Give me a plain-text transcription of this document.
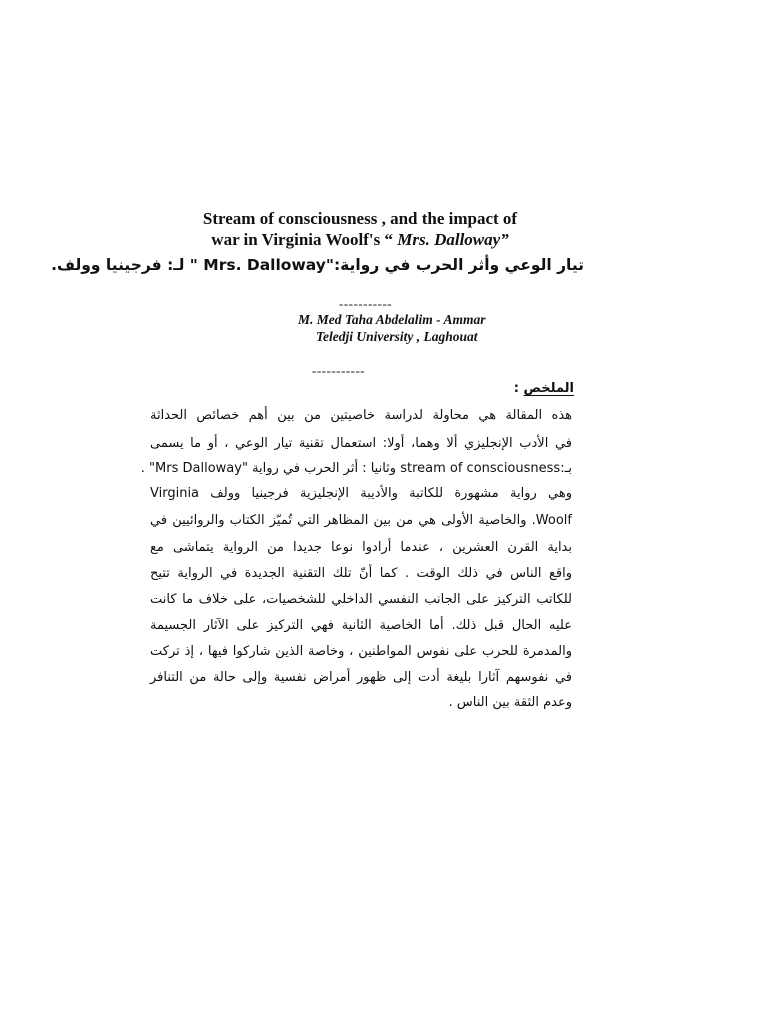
Stream of consciousness , and the impact of
war in Virginia Woolf's “ Mrs. Dalloway”
تيار الوعي وأثر الحرب في رواية:"Mrs. Dalloway " لـ: فرجينيا وولف.
-----------
M. Med Taha Abdelalim - Ammar
Teledji University , Laghouat
-----------
الملخص :
هذه المقالة هي محاولة لدراسة خاصيتين من بين أهم خصائص الحداثة
في الأدب الإنجليزي ألا وهما، أولا: استعمال تقنية تيار الوعي ، أو ما يسمى
بـ:stream of consciousness وثانيا : أثر الحرب في رواية "Mrs Dalloway" .
وهي رواية مشهورة للكاتبة والأديبة الإنجليزية فرجينيا وولف Virginia
Woolf. والخاصية الأولى هي من بين المظاهر التي تُميّز الكتاب والروائيين في
بداية القرن العشرين ، عندما أرادوا نوعا جديدا من الرواية يتماشى مع
واقع الناس في ذلك الوقت . كما أنّ تلك التقنية الجديدة في الرواية تتيح
للكاتب التركيز على الجانب النفسي الداخلي للشخصيات، على خلاف ما كانت
عليه الحال قبل ذلك. أما الخاصية الثانية فهي التركيز على الآثار الجسيمة
والمدمرة للحرب على نفوس المواطنين ، وخاصة الذين شاركوا فيها ، إذ تركت
في نفوسهم آثارا بليغة أدت إلى ظهور أمراض نفسية وإلى حالة من التنافر
وعدم الثقة بين الناس .
